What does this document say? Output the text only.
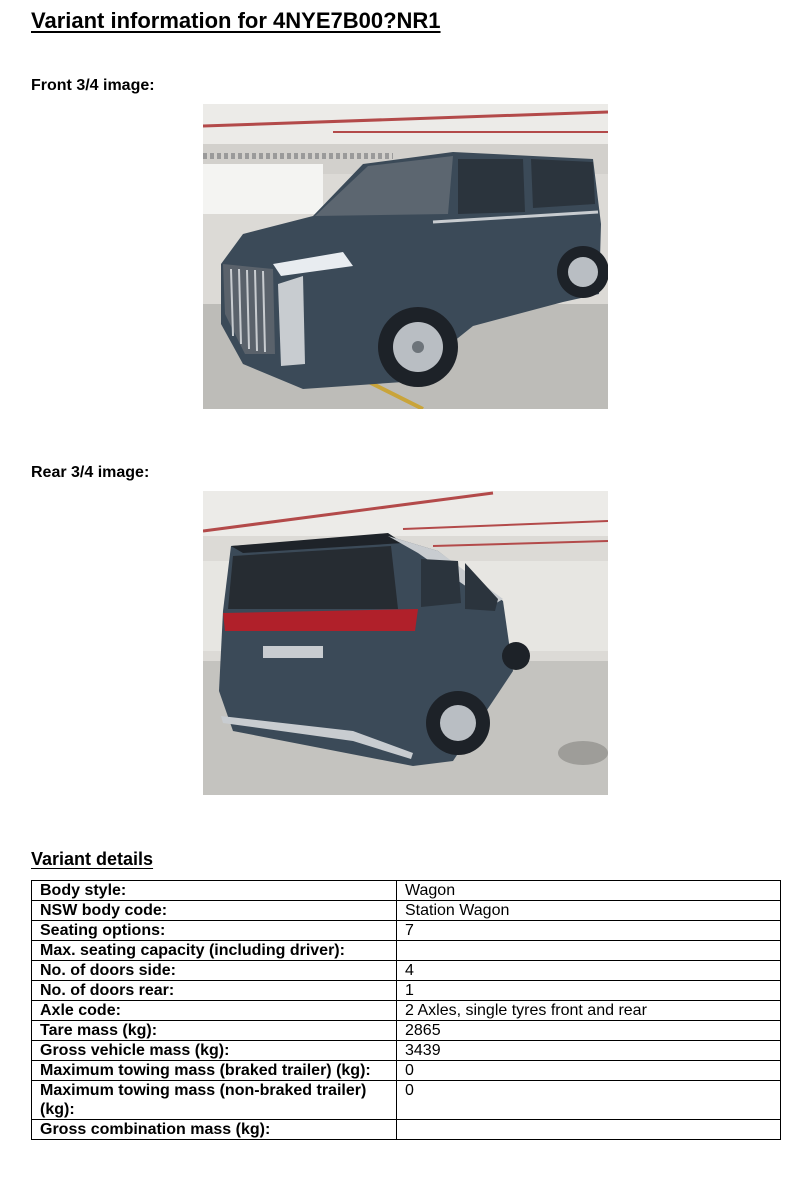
Variant information for 4NYE7B00?NR1
Front 3/4 image:
Rear 3/4 image:
Variant details
Body style:	Wagon
NSW body code:	Station Wagon
Seating options:	7
Max. seating capacity (including driver):	
No. of doors side:	4
No. of doors rear:	1
Axle code:	2 Axles, single tyres front and rear
Tare mass (kg):	2865
Gross vehicle mass (kg):	3439
Maximum towing mass (braked trailer) (kg):	0
Maximum towing mass (non-braked trailer) (kg):	0
Gross combination mass (kg):	
